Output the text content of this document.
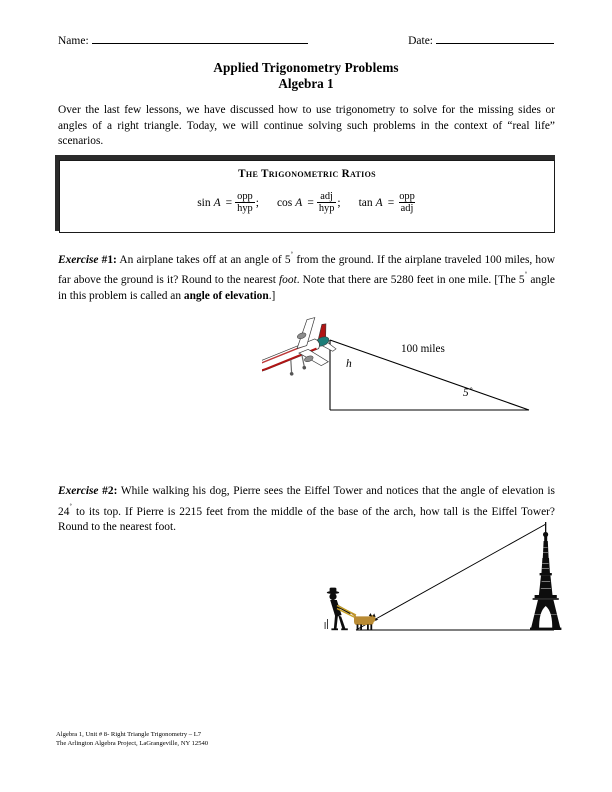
Name:	Date:
Applied Trigonometry Problems
Algebra 1
Over the last few lessons, we have discussed how to use trigonometry to solve for the missing sides or angles of a right triangle. Today, we will continue solving such problems in the context of “real life” scenarios.
The Trigonometric Ratios
$\sin A = \frac{\text{opp}}{\text{hyp}}$ ; $\cos A = \frac{\text{adj}}{\text{hyp}}$ ; $\tan A = \frac{\text{opp}}{\text{adj}}$
Exercise #1: An airplane takes off at an angle of 5˚ from the ground. If the airplane traveled 100 miles, how far above the ground is it? Round to the nearest foot. Note that there are 5280 feet in one mile. [The 5˚ angle in this problem is called an angle of elevation.]
100 miles
h
5˚
Exercise #2: While walking his dog, Pierre sees the Eiffel Tower and notices that the angle of elevation is 24˚ to its top. If Pierre is 2215 feet from the middle of the base of the arch, how tall is the Eiffel Tower? Round to the nearest foot.
Algebra 1, Unit # 8- Right Triangle Trigonometry – L7
The Arlington Algebra Project, LaGrangeville, NY 12540
